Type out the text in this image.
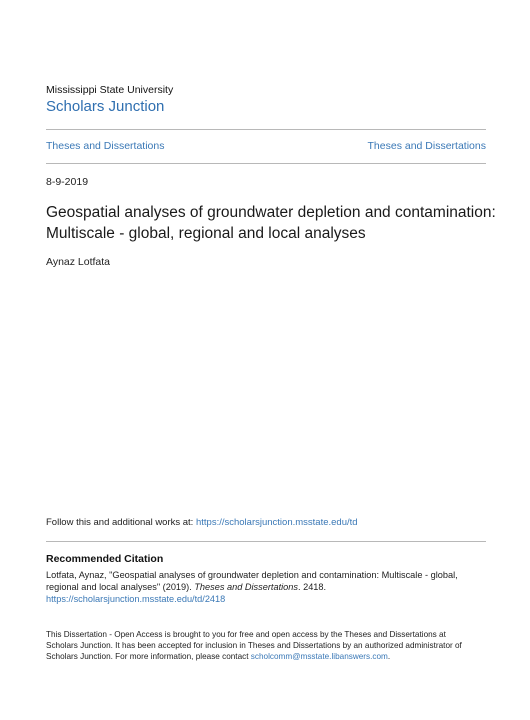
Mississippi State University
Scholars Junction
Theses and Dissertations	Theses and Dissertations
8-9-2019
Geospatial analyses of groundwater depletion and contamination:
Multiscale - global, regional and local analyses
Aynaz Lotfata
Follow this and additional works at: https://scholarsjunction.msstate.edu/td
Recommended Citation
Lotfata, Aynaz, "Geospatial analyses of groundwater depletion and contamination: Multiscale - global,
regional and local analyses" (2019). Theses and Dissertations. 2418.
https://scholarsjunction.msstate.edu/td/2418
This Dissertation - Open Access is brought to you for free and open access by the Theses and Dissertations at
Scholars Junction. It has been accepted for inclusion in Theses and Dissertations by an authorized administrator of
Scholars Junction. For more information, please contact scholcomm@msstate.libanswers.com.
